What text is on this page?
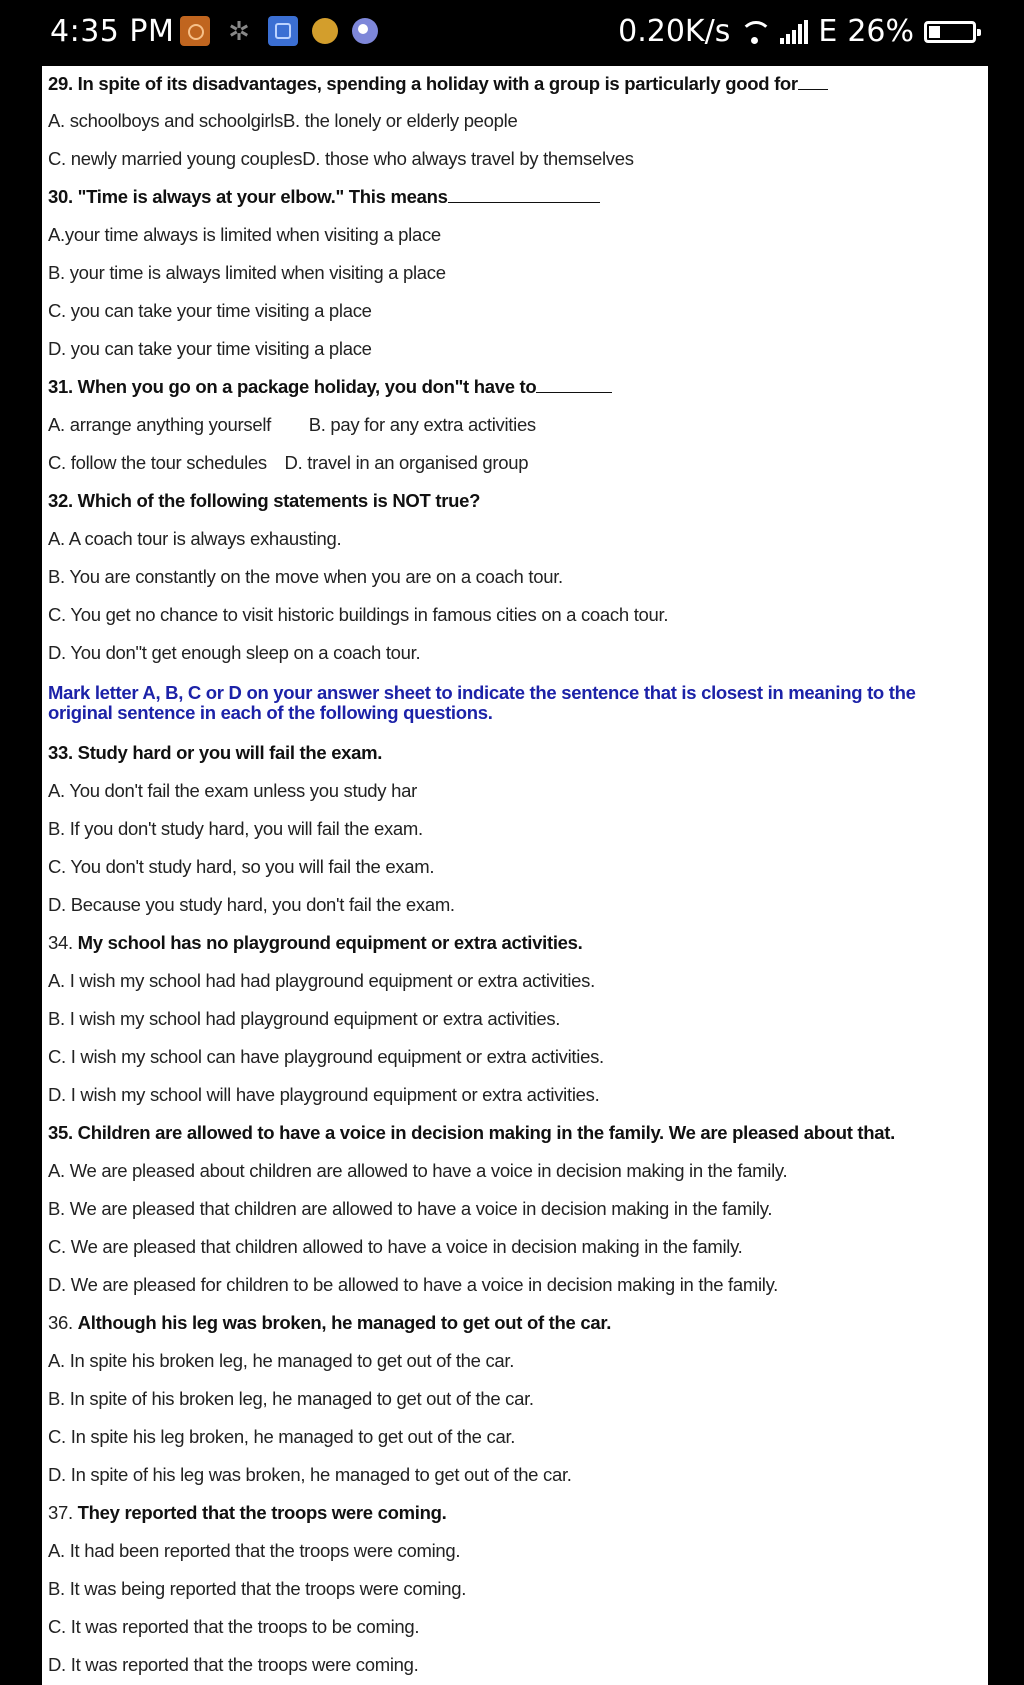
4:35 PM ✲	0.20K/s	E 26%
29. In spite of its disadvantages, spending a holiday with a group is particularly good for
A. schoolboys and schoolgirlsB. the lonely or elderly people
C. newly married young couplesD. those who always travel by themselves
30. "Time is always at your elbow." This means
A.your time always is limited when visiting a place
B. your time is always limited when visiting a place
C. you can take your time visiting a place
D. you can take your time visiting a place
31. When you go on a package holiday, you don"t have to
A. arrange anything yourself B. pay for any extra activities
C. follow the tour schedules D. travel in an organised group
32. Which of the following statements is NOT true?
A. A coach tour is always exhausting.
B. You are constantly on the move when you are on a coach tour.
C. You get no chance to visit historic buildings in famous cities on a coach tour.
D. You don"t get enough sleep on a coach tour.
Mark letter A, B, C or D on your answer sheet to indicate the sentence that is closest in meaning to the original sentence in each of the following questions.
33. Study hard or you will fail the exam.
A. You don't fail the exam unless you study har
B. If you don't study hard, you will fail the exam.
C. You don't study hard, so you will fail the exam.
D. Because you study hard, you don't fail the exam.
34. My school has no playground equipment or extra activities.
A. I wish my school had had playground equipment or extra activities.
B. I wish my school had playground equipment or extra activities.
C. I wish my school can have playground equipment or extra activities.
D. I wish my school will have playground equipment or extra activities.
35. Children are allowed to have a voice in decision making in the family. We are pleased about that.
A. We are pleased about children are allowed to have a voice in decision making in the family.
B. We are pleased that children are allowed to have a voice in decision making in the family.
C. We are pleased that children allowed to have a voice in decision making in the family.
D. We are pleased for children to be allowed to have a voice in decision making in the family.
36. Although his leg was broken, he managed to get out of the car.
A. In spite his broken leg, he managed to get out of the car.
B. In spite of his broken leg, he managed to get out of the car.
C. In spite his leg broken, he managed to get out of the car.
D. In spite of his leg was broken, he managed to get out of the car.
37. They reported that the troops were coming.
A. It had been reported that the troops were coming.
B. It was being reported that the troops were coming.
C. It was reported that the troops to be coming.
D. It was reported that the troops were coming.
